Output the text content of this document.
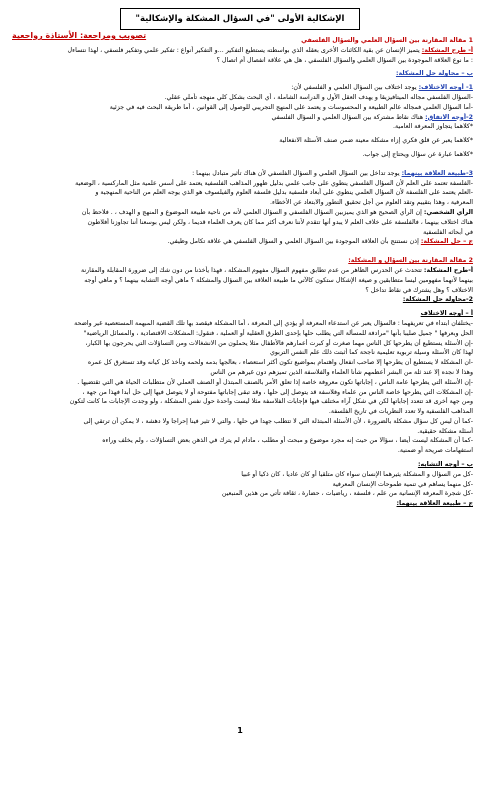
الإشكالية الأولى "في السؤال المشكلة والإشكالية"
تصويب ومراجعة: الأستاذة رواجعية
1 مقالة المقارنة بين السؤال العلمي والسؤال الفلسفي
أ- طرح المشكلة: يتميز الإنسان عن بقية الكائنات الأخرى بعقله الذي بواسطته يستطيع التفكير ...و التفكير أنواع : تفكير علمي وتفكير فلسفي ، لهذا نتساءل
: ما نوع العلاقة الموجودة بين السؤال العلمي والسؤال الفلسفي ، هل هي علاقة انفصال أم اتصال ؟
ب – محاولة حل المشكلة:
1- أوجه الاختلاف: يوجد اختلاف بين السؤال العلمي و الفلسفي لأن:
-السؤال الفلسفي مجاله الميتافيزيقا و يهدف العقل الأول و الدراسة الشاملة ، أي البحث بشكل كلي منهجه تأملي عقلي.
-أما السؤال العلمي فمجاله عالم الطبيعة و المحسوسات و يعتمد على المنهج التجريبي للوصول إلى القوانين ، أما طريقة البحث فيه في جزئية
2-أوجه الاتفاق: هناك نقاط مشتركة بين السؤال العلمي و السؤال الفلسفي
*كلاهما يتجاوز المعرفة العامية.
*كلاهما يعبر عن قلق فكري إزاء مشكلة معينة ضمن صنف الأسئلة الانفعالية
*كلاهما عبارة عن سؤال ويحتاج إلى جواب.
3-طبيعة العلاقة بينهما: يوجد تداخل بين السؤال العلمي و السؤال الفلسفي لأن هناك تأثير متبادل بينهما :
-الفلسفة تعتمد على العلم لأن السؤال الفلسفي ينطوي على جانب علمي بدليل ظهور المذاهب الفلسفية يعتمد على أسس علمية مثل الماركسية ، الوضعية
-العلم يعتمد على الفلسفة لأن السؤال العلمي ينطوي على أبعاد فلسفية بدليل فلسفة العلوم والفيلسوف هو الذي يوجه العلم من الناحية المنهجية و
المعرفية ، وهذا بتقييم وتقد العلوم من أجل تحقيق التطور والابتعاد عن الأخطاء.
الرأي الشخصي: إن الرأي الصحيح هو الذي يميزبين السؤال الفلسفي و السؤال العلمي لأنه من ناحية طبيعة الموضوع و المنهج و الهدف ، . فلاحظ بأن
هناك اختلاف بينهما ، فالفلسفة على خلاف العلم لا يبدو أنها تتقدم لأننا نعرف أكثر مما كان يعرف العلماء قديما ، ولكن ليس بوسعنا أننا تجاوزنا أفلاطون
في أبحاثه الفلسفية
ج – حل المشكلة: إذن نستنتج بأن العلاقة الموجودة بين السؤال العلمي و السؤال الفلسفي هي علاقة تكامل وظيفي.
2 مقالة المقارنة بين السؤال و المشكلة:
أ-طرح المشكلة: تتحدث عن الحدرس الظاهر من عدم تطابق مفهوم السؤال مفهوم المشكلة ، فهذا يأخذنا من دون شك إلى ضرورة المقابلة والمقارنة
بينهما لأنهما مفهومين ليسا متطابقين و صيغة الإشكال ستكون كالآتي ما طبيعة العلاقة بين السؤال والمشكلة ؟ ماهي أوجه التشابه بينهما ؟ و ماهي أوجه
الاختلاف ؟ وهل يشترك في نقاط تداخل ؟
2-محاولة حل المشكلة:
أ – أوجه الاختلاف
-يختلفان ابتداء في تعريفهما : فالسؤال يعبر عن استدعاء المعرفة أو يؤدي إلى المعرفة ، أما المشكلة فيقصد بها تلك القضية المبهمة المستعصية غير واضحة
الحل وبعرفها " جميل صليبا بأنها "مرادفة للمسألة التي يطلب حلها بإحدى الطرق العقلية أو العملية ، فنقول: المشكلات الاقتصادية ، والمسائل الرياضية"
-إن الأسئلة يستطيع أن يطرحها كل الناس مهما صغرت أو كبرت أعمارهم فالأطفال مثلا يحملون من الانشغالات ومن التساؤلات التي يحرجون بها الكبار،
لهذا كان الأسئلة وسيلة تربوية تعليمية ناجحة كما أثبتت ذلك علم النفس التربوي
-ان المشكلة لا يستطيع أن يطرحها إلا صاحب انفعال واهتمام بمواضيع تكون أكثر استعصاء ، بعالجها بدمه ولحمه وتأخذ كل كيانه وقد تستغرق كل عمره
وهذا لا نجده إلا عند ثلة من البشر أعظمهم شأنا العلماء والفلاسفة الذين تميزهم دون غيرهم من الناس
-إن الأسئلة التي يطرحها عامة الناس ، إجاباتها تكون معروفة خاصة إذا تعلق الأمر بالصنف المبتذل أو الصنف العملي لأن متطلبات الحياة هي التي تقتضيها .
-إن المشكلات التي يطرحها خاصة الناس من علماء وفلاسفة قد يتوصل إلى حلها ، وقد تبقى إجاباتها مفتوحة أو لا يتوصل فيها إلى حل أبدا فهذا من جهة ،
ومن جهة أخرى قد تتعدد إجاباتها لكن في شكل آراء مختلف فيها فإجابات الفلاسفة مثلا ليست واحدة حول نفس المشكلة ، ولو وجدت الإجابات ما كانت لتكون
المذاهب الفلسفية ولا تعدد النظريات في تاريخ الفلسفة.
-كما أن ليس كل سؤال مشكلة بالضرورة ، لأن الأسئلة المبتذلة التي لا تتطلب جهدا في حلها ، والتي لا تثير فينا إحراجا ولا دهشة ، لا يمكن أن ترتقي إلى
أسئلة مشكلة حقيقية.
-كما أن المشكلة ليست أيضا ، سؤالا من حيث إنه مجرد موضوع و مبحث أو مطلب ، مادام لم يترك في الذهن بعض التساؤلات ، ولم يخلف وراءه
استفهامات صريحة أو ضمنية.
ب – أوجه التشابه:
-كل من السؤال و المشكلة يثيرهما الإنسان سواء كان متلقيا أو كان عاديا ، كان ذكيا أو غبيا
-كل منهما يساهم في تنمية طموحات الإنسان المعرفية
-كل شجرة المعرفة الإنسانية من علم ، فلسفة ، رياضيات ، حضارة ، ثقافة تأتي من هذين المنبعين
ج – طبيعة العلاقة بينهما:
1
